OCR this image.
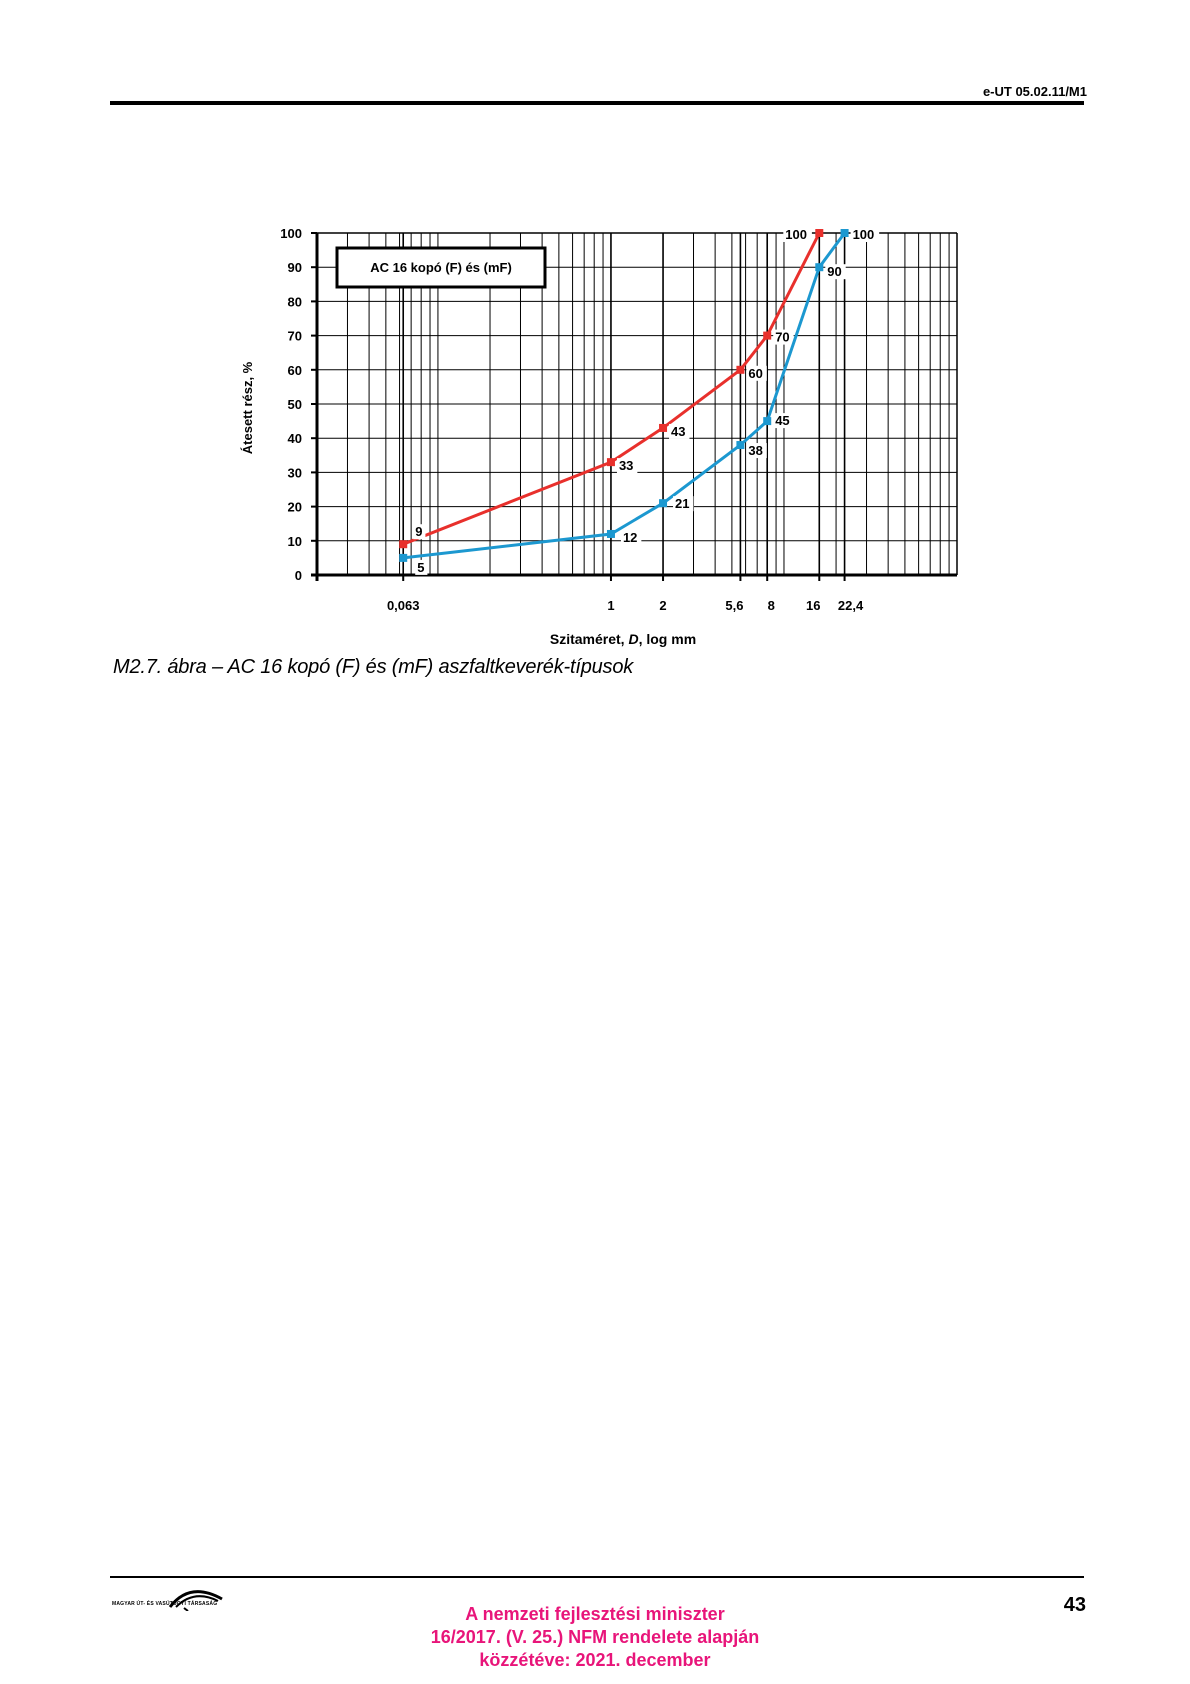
e-UT 05.02.11/M1
0
10
20
30
40
50
60
70
80
90
100
0,063	1	2	5,6 8 16 22,4
AC 16 kopó (F) és (mF)
9
33
43
60
70
100
5
12
21
38
45
90
100
Szitaméret, D, log mm
Átesett rész, %
M2.7. ábra – AC 16 kopó (F) és (mF) aszfaltkeverék-típusok
MAGYAR ÚT- ÉS VASÚTÜGYI TÁRSASÁG	A nemzeti fejlesztési miniszter
16/2017. (V. 25.) NFM rendelete alapján
közzétéve: 2021. december
43
